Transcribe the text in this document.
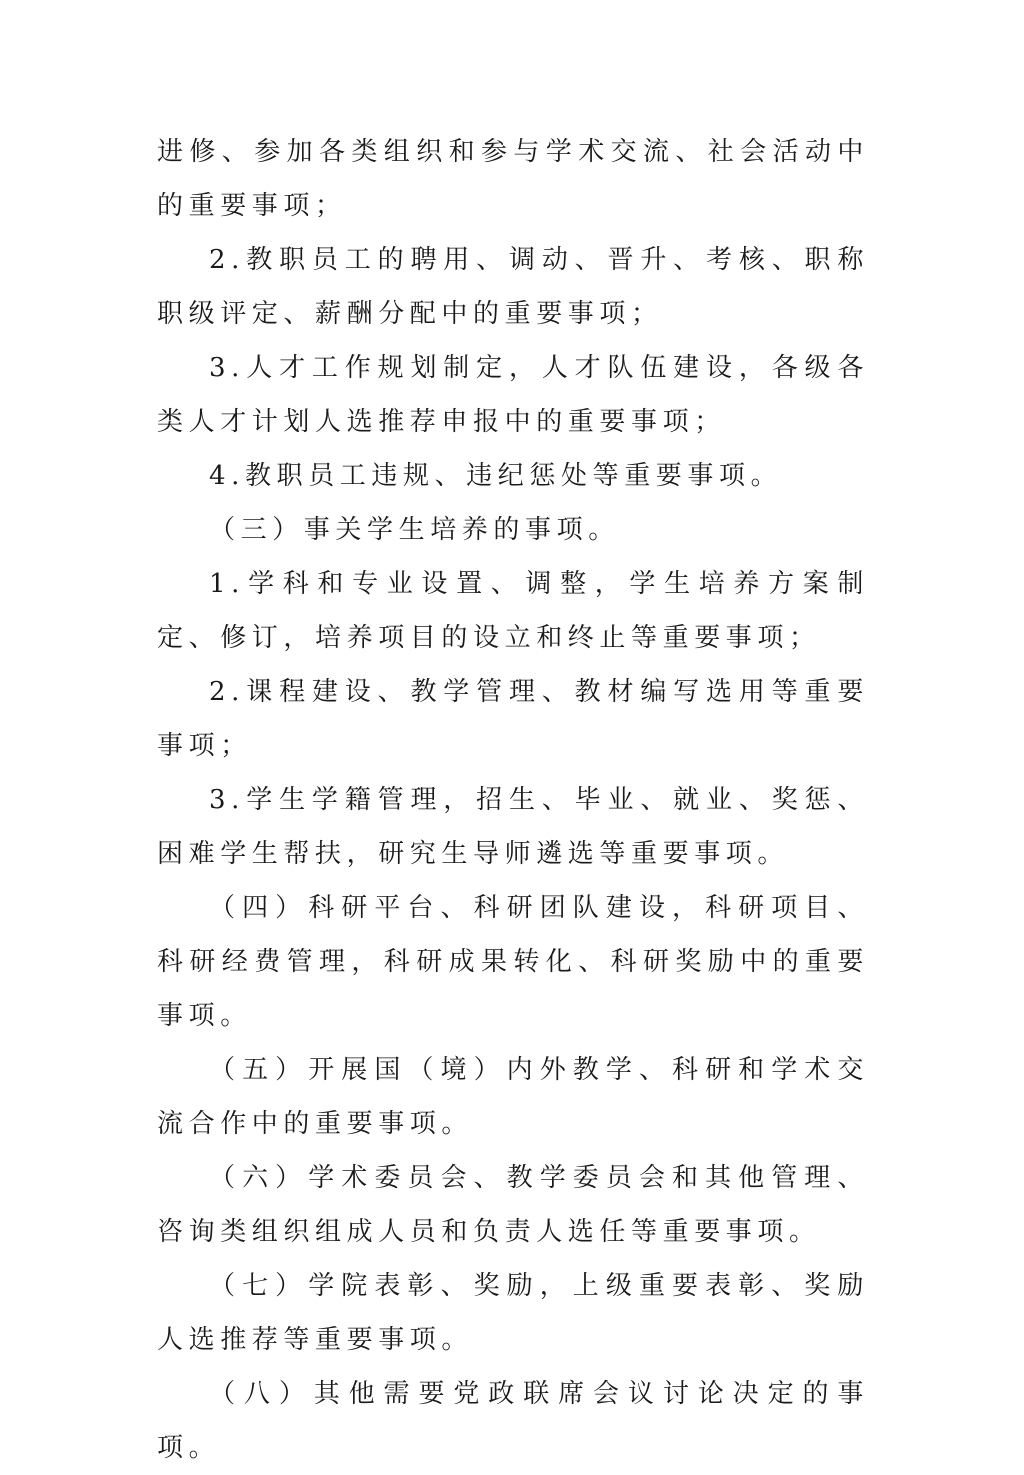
进修、参加各类组织和参与学术交流、社会活动中的重要事项；

2.教职员工的聘用、调动、晋升、考核、职称职级评定、薪酬分配中的重要事项；

3.人才工作规划制定，人才队伍建设，各级各类人才计划人选推荐申报中的重要事项；

4.教职员工违规、违纪惩处等重要事项。

（三）事关学生培养的事项。

1.学科和专业设置、调整，学生培养方案制定、修订，培养项目的设立和终止等重要事项；

2.课程建设、教学管理、教材编写选用等重要事项；

3.学生学籍管理，招生、毕业、就业、奖惩、困难学生帮扶，研究生导师遴选等重要事项。

（四）科研平台、科研团队建设，科研项目、科研经费管理，科研成果转化、科研奖励中的重要事项。

（五）开展国（境）内外教学、科研和学术交流合作中的重要事项。

（六）学术委员会、教学委员会和其他管理、咨询类组织组成人员和负责人选任等重要事项。

（七）学院表彰、奖励，上级重要表彰、奖励人选推荐等重要事项。

（八）其他需要党政联席会议讨论决定的事项。
